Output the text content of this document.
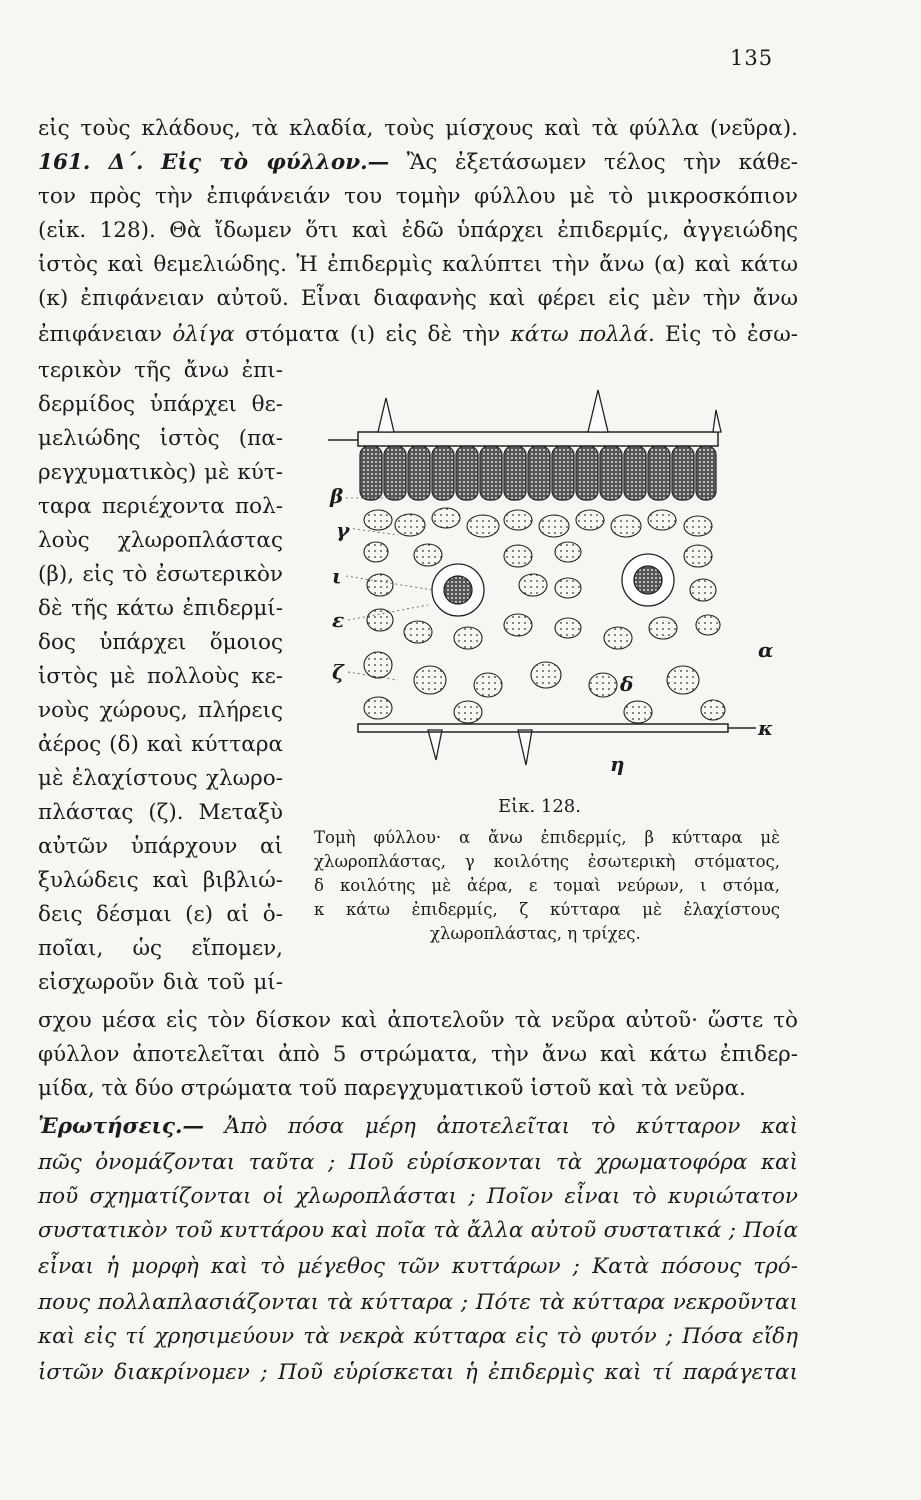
135
εἰς τοὺς κλάδους, τὰ κλαδία, τοὺς μίσχους καὶ τὰ φύλλα (νεῦρα).
161. Δ΄. Εἰς τὸ φύλλον.— Ἂς ἐξετάσωμεν τέλος τὴν κάθε-
τον πρὸς τὴν ἐπιφάνειάν του τομὴν φύλλου μὲ τὸ μικροσκόπιον
(εἰκ. 128). Θὰ ἴδωμεν ὅτι καὶ ἐδῶ ὑπάρχει ἐπιδερμίς, ἀγγειώδης
ἱστὸς καὶ θεμελιώδης. Ἡ ἐπιδερμὶς καλύπτει τὴν ἄνω (α) καὶ κάτω
(κ) ἐπιφάνειαν αὐτοῦ. Εἶναι διαφανὴς καὶ φέρει εἰς μὲν τὴν ἄνω
ἐπιφάνειαν ὀλίγα στόματα (ι) εἰς δὲ τὴν κάτω πολλά. Εἰς τὸ ἐσω-
τερικὸν τῆς ἄνω ἐπι-
δερμίδος ὑπάρχει θε-
μελιώδης ἱστὸς (πα-
ρεγχυματικὸς) μὲ κύτ-
ταρα περιέχοντα πολ-
λοὺς χλωροπλάστας
(β), εἰς τὸ ἐσωτερικὸν
δὲ τῆς κάτω ἐπιδερμί-
δος ὑπάρχει ὅμοιος
ἱστὸς μὲ πολλοὺς κε-
νοὺς χώρους, πλήρεις
ἀέρος (δ) καὶ κύτταρα
μὲ ἐλαχίστους χλωρο-
πλάστας (ζ). Μεταξὺ
αὐτῶν ὑπάρχουν αἱ
ξυλώδεις καὶ βιβλιώ-
δεις δέσμαι (ε) αἱ ὁ-
ποῖαι, ὡς εἴπομεν,
εἰσχωροῦν διὰ τοῦ μί-
β
γ
ι
ε
ζ	δ
α
κ
η
Εἰκ. 128.
Τομὴ φύλλου· α ἄνω ἐπιδερμίς, β κύτταρα μὲ
χλωροπλάστας, γ κοιλότης ἐσωτερικὴ στόματος,
δ κοιλότης μὲ ἀέρα, ε τομαὶ νεύρων, ι στόμα,
κ κάτω ἐπιδερμίς, ζ κύτταρα μὲ ἐλαχίστους
χλωροπλάστας, η τρίχες.
σχου μέσα εἰς τὸν δίσκον καὶ ἀποτελοῦν τὰ νεῦρα αὐτοῦ· ὥστε τὸ
φύλλον ἀποτελεῖται ἀπὸ 5 στρώματα, τὴν ἄνω καὶ κάτω ἐπιδερ-
μίδα, τὰ δύο στρώματα τοῦ παρεγχυματικοῦ ἱστοῦ καὶ τὰ νεῦρα.
Ἐρωτήσεις.— Ἀπὸ πόσα μέρη ἀποτελεῖται τὸ κύτταρον καὶ
πῶς ὀνομάζονται ταῦτα ; Ποῦ εὑρίσκονται τὰ χρωματοφόρα καὶ
ποῦ σχηματίζονται οἱ χλωροπλάσται ; Ποῖον εἶναι τὸ κυριώτατον
συστατικὸν τοῦ κυττάρου καὶ ποῖα τὰ ἄλλα αὐτοῦ συστατικά ; Ποία
εἶναι ἡ μορφὴ καὶ τὸ μέγεθος τῶν κυττάρων ; Κατὰ πόσους τρό-
πους πολλαπλασιάζονται τὰ κύτταρα ; Πότε τὰ κύτταρα νεκροῦνται
καὶ εἰς τί χρησιμεύουν τὰ νεκρὰ κύτταρα εἰς τὸ φυτόν ; Πόσα εἴδη
ἱστῶν διακρίνομεν ; Ποῦ εὑρίσκεται ἡ ἐπιδερμὶς καὶ τί παράγεται
